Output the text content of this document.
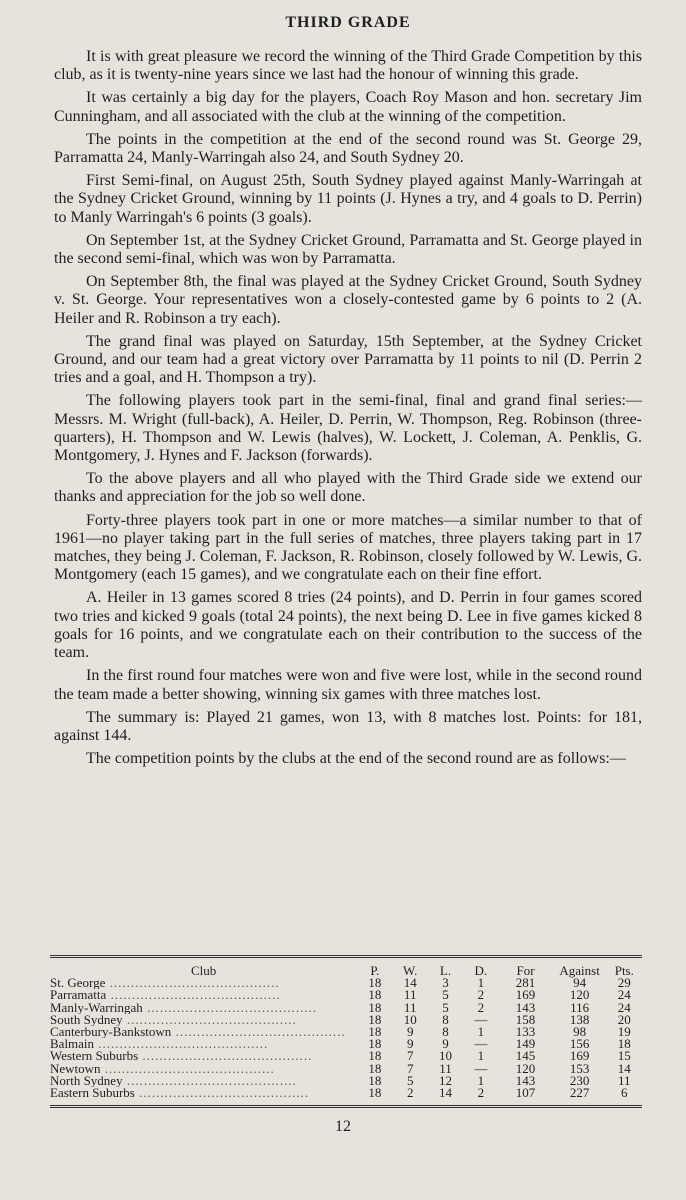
THIRD GRADE

It is with great pleasure we record the winning of the Third Grade Competition by this club, as it is twenty-nine years since we last had the honour of winning this grade.

It was certainly a big day for the players, Coach Roy Mason and hon. secretary Jim Cunningham, and all associated with the club at the winning of the competition.

The points in the competition at the end of the second round was St. George 29, Parramatta 24, Manly-Warringah also 24, and South Sydney 20.

First Semi-final, on August 25th, South Sydney played against Manly-Warringah at the Sydney Cricket Ground, winning by 11 points (J. Hynes a try, and 4 goals to D. Perrin) to Manly Warringah's 6 points (3 goals).

On September 1st, at the Sydney Cricket Ground, Parramatta and St. George played in the second semi-final, which was won by Parramatta.

On September 8th, the final was played at the Sydney Cricket Ground, South Sydney v. St. George. Your representatives won a closely-contested game by 6 points to 2 (A. Heiler and R. Robinson a try each).

The grand final was played on Saturday, 15th September, at the Sydney Cricket Ground, and our team had a great victory over Parramatta by 11 points to nil (D. Perrin 2 tries and a goal, and H. Thompson a try).

The following players took part in the semi-final, final and grand final series:—Messrs. M. Wright (full-back), A. Heiler, D. Perrin, W. Thompson, Reg. Robinson (three-quarters), H. Thompson and W. Lewis (halves), W. Lockett, J. Coleman, A. Penklis, G. Montgomery, J. Hynes and F. Jackson (forwards).

To the above players and all who played with the Third Grade side we extend our thanks and appreciation for the job so well done.

Forty-three players took part in one or more matches—a similar number to that of 1961—no player taking part in the full series of matches, three players taking part in 17 matches, they being J. Coleman, F. Jackson, R. Robinson, closely followed by W. Lewis, G. Montgomery (each 15 games), and we congratulate each on their fine effort.

A. Heiler in 13 games scored 8 tries (24 points), and D. Perrin in four games scored two tries and kicked 9 goals (total 24 points), the next being D. Lee in five games kicked 8 goals for 16 points, and we congratulate each on their contribution to the success of the team.

In the first round four matches were won and five were lost, while in the second round the team made a better showing, winning six games with three matches lost.

The summary is: Played 21 games, won 13, with 8 matches lost. Points: for 181, against 144.

The competition points by the clubs at the end of the second round are as follows:—

Club	P.	W.	L.	D.	For	Against	Pts.
St. George ........................................	18	14	3	1	281	94	29
Parramatta ........................................	18	11	5	2	169	120	24
Manly-Warringah ........................................	18	11	5	2	143	116	24
South Sydney ........................................	18	10	8	—	158	138	20
Canterbury-Bankstown ........................................	18	9	8	1	133	98	19
Balmain ........................................	18	9	9	—	149	156	18
Western Suburbs ........................................	18	7	10	1	145	169	15
Newtown ........................................	18	7	11	—	120	153	14
North Sydney ........................................	18	5	12	1	143	230	11
Eastern Suburbs ........................................	18	2	14	2	107	227	6
12
